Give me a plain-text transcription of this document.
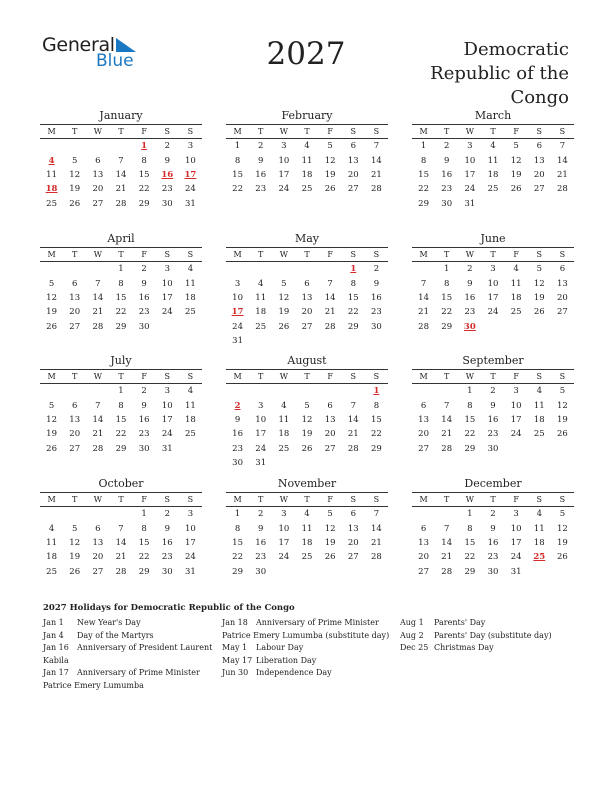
General
Blue	2027	Democratic
Republic of the
Congo
January
M	T	W	T	F	S	S
				1	2	3
4	5	6	7	8	9	10
11	12	13	14	15	16	17
18	19	20	21	22	23	24
25	26	27	28	29	30	31
February
M	T	W	T	F	S	S
1	2	3	4	5	6	7
8	9	10	11	12	13	14
15	16	17	18	19	20	21
22	23	24	25	26	27	28
March
M	T	W	T	F	S	S
1	2	3	4	5	6	7
8	9	10	11	12	13	14
15	16	17	18	19	20	21
22	23	24	25	26	27	28
29	30	31				
April
M	T	W	T	F	S	S
			1	2	3	4
5	6	7	8	9	10	11
12	13	14	15	16	17	18
19	20	21	22	23	24	25
26	27	28	29	30		
May
M	T	W	T	F	S	S
					1	2
3	4	5	6	7	8	9
10	11	12	13	14	15	16
17	18	19	20	21	22	23
24	25	26	27	28	29	30
31						
June
M	T	W	T	F	S	S
	1	2	3	4	5	6
7	8	9	10	11	12	13
14	15	16	17	18	19	20
21	22	23	24	25	26	27
28	29	30				
July
M	T	W	T	F	S	S
			1	2	3	4
5	6	7	8	9	10	11
12	13	14	15	16	17	18
19	20	21	22	23	24	25
26	27	28	29	30	31	
August
M	T	W	T	F	S	S
						1
2	3	4	5	6	7	8
9	10	11	12	13	14	15
16	17	18	19	20	21	22
23	24	25	26	27	28	29
30	31					
September
M	T	W	T	F	S	S
		1	2	3	4	5
6	7	8	9	10	11	12
13	14	15	16	17	18	19
20	21	22	23	24	25	26
27	28	29	30			
October
M	T	W	T	F	S	S
				1	2	3
4	5	6	7	8	9	10
11	12	13	14	15	16	17
18	19	20	21	22	23	24
25	26	27	28	29	30	31
November
M	T	W	T	F	S	S
1	2	3	4	5	6	7
8	9	10	11	12	13	14
15	16	17	18	19	20	21
22	23	24	25	26	27	28
29	30					
December
M	T	W	T	F	S	S
		1	2	3	4	5
6	7	8	9	10	11	12
13	14	15	16	17	18	19
20	21	22	23	24	25	26
27	28	29	30	31		
2027 Holidays for Democratic Republic of the Congo
Jan 1 New Year's Day
Jan 4 Day of the Martyrs
Jan 16 Anniversary of President Laurent
Kabila
Jan 17 Anniversary of Prime Minister
Patrice Emery Lumumba
Jan 18 Anniversary of Prime Minister
Patrice Emery Lumumba (substitute day)
May 1 Labour Day
May 17 Liberation Day
Jun 30 Independence Day
Aug 1 Parents' Day
Aug 2 Parents' Day (substitute day)
Dec 25 Christmas Day
